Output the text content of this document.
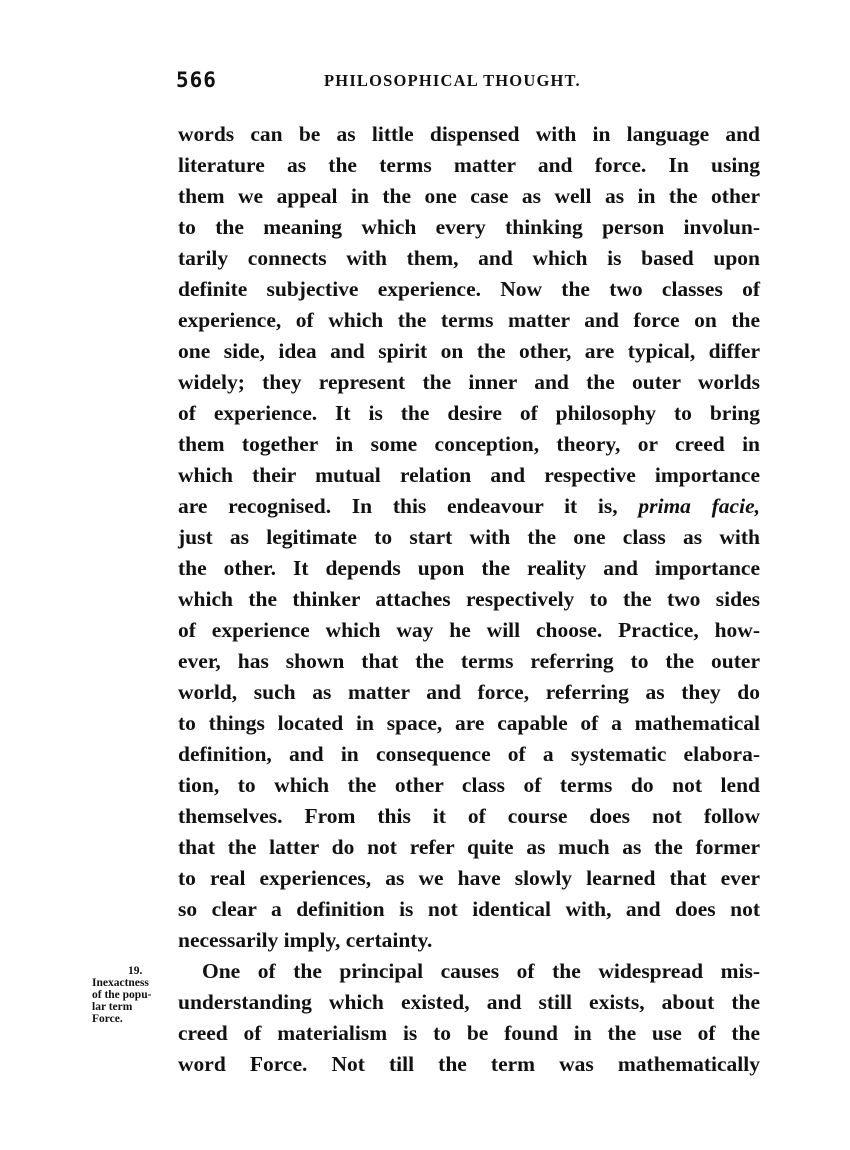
566	PHILOSOPHICAL THOUGHT.
words can be as little dispensed with in language and
literature as the terms matter and force. In using
them we appeal in the one case as well as in the other
to the meaning which every thinking person involun-
tarily connects with them, and which is based upon
definite subjective experience. Now the two classes of
experience, of which the terms matter and force on the
one side, idea and spirit on the other, are typical, differ
widely; they represent the inner and the outer worlds
of experience. It is the desire of philosophy to bring
them together in some conception, theory, or creed in
which their mutual relation and respective importance
are recognised. In this endeavour it is, prima facie,
just as legitimate to start with the one class as with
the other. It depends upon the reality and importance
which the thinker attaches respectively to the two sides
of experience which way he will choose. Practice, how-
ever, has shown that the terms referring to the outer
world, such as matter and force, referring as they do
to things located in space, are capable of a mathematical
definition, and in consequence of a systematic elabora-
tion, to which the other class of terms do not lend
themselves. From this it of course does not follow
that the latter do not refer quite as much as the former
to real experiences, as we have slowly learned that ever
so clear a definition is not identical with, and does not
necessarily imply, certainty.
One of the principal causes of the widespread mis-
understanding which existed, and still exists, about the
creed of materialism is to be found in the use of the
word Force. Not till the term was mathematically
19.
Inexactness
of the popu-
lar term
Force.
